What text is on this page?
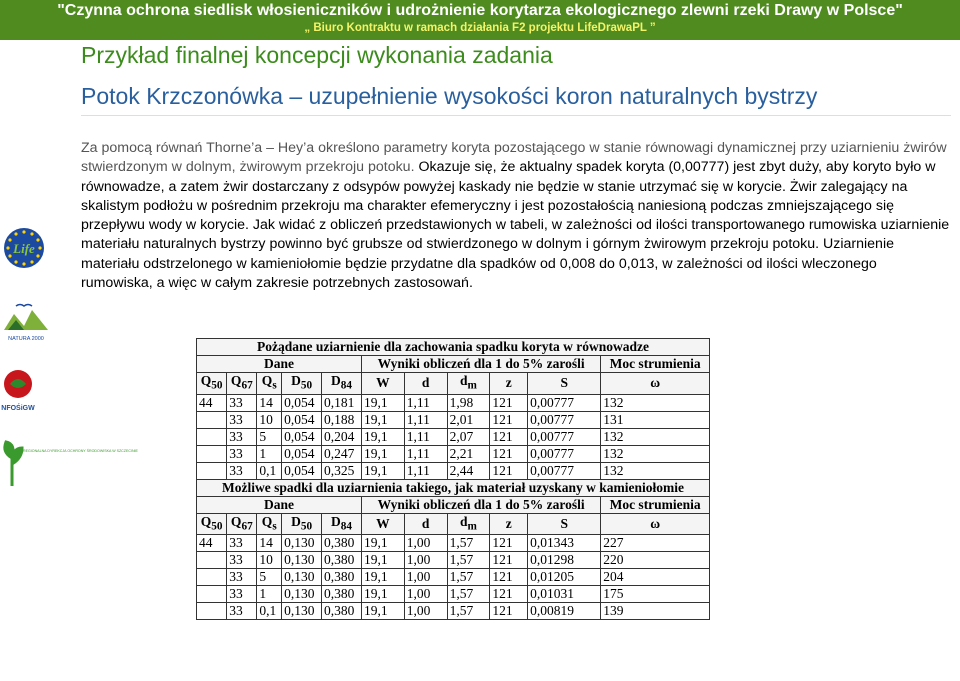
"Czynna ochrona siedlisk włosieniczników i udrożnienie korytarza ekologicznego zlewni rzeki Drawy w Polsce"
„ Biuro Kontraktu w ramach działania F2 projektu LifeDrawaPL ”
Przykład finalnej koncepcji wykonania zadania
Potok Krzczonówka – uzupełnienie wysokości koron naturalnych bystrzy
Za pomocą równań Thorne’a – Hey’a określono parametry koryta pozostającego w stanie równowagi dynamicznej przy uziarnieniu żwirów stwierdzonym w dolnym, żwirowym przekroju potoku. Okazuje się, że aktualny spadek koryta (0,00777) jest zbyt duży, aby koryto było w równowadze, a zatem żwir dostarczany z odsypów powyżej kaskady nie będzie w stanie utrzymać się w korycie. Żwir zalegający na skalistym podłożu w pośrednim przekroju ma charakter efemeryczny i jest pozostałością naniesioną podczas zmniejszającego się przepływu wody w korycie. Jak widać z obliczeń przedstawionych w tabeli, w zależności od ilości transportowanego rumowiska uziarnienie materiału naturalnych bystrzy powinno być grubsze od stwierdzonego w dolnym i górnym żwirowym przekroju potoku. Uziarnienie materiału odstrzelonego w kamieniołomie będzie przydatne dla spadków od 0,008 do 0,013, w zależności od ilości wleczonego rumowiska, a więc w całym zakresie potrzebnych zastosowań.
Life
NATURA 2000
NFOŚiGW
REGIONALNA DYREKCJA OCHRONY ŚRODOWISKA W SZCZECINIE
Pożądane uziarnienie dla zachowania spadku koryta w równowadze										
Dane					Wyniki obliczeń dla 1 do 5% zarośli					Moc strumienia
$Q_{50}$	$Q_{67}$	$Q_s$	$D_{50}$	$D_{84}$	W	d	$d_m$	z	S	ω
44	33	14	0,054	0,181	19,1	1,11	1,98	121	0,00777	132
	33	10	0,054	0,188	19,1	1,11	2,01	121	0,00777	131
	33	5	0,054	0,204	19,1	1,11	2,07	121	0,00777	132
	33	1	0,054	0,247	19,1	1,11	2,21	121	0,00777	132
	33	0,1	0,054	0,325	19,1	1,11	2,44	121	0,00777	132
Możliwe spadki dla uziarnienia takiego, jak materiał uzyskany w kamieniołomie										
Dane					Wyniki obliczeń dla 1 do 5% zarośli					Moc strumienia
$Q_{50}$	$Q_{67}$	$Q_s$	$D_{50}$	$D_{84}$	W	d	$d_m$	z	S	ω
44	33	14	0,130	0,380	19,1	1,00	1,57	121	0,01343	227
	33	10	0,130	0,380	19,1	1,00	1,57	121	0,01298	220
	33	5	0,130	0,380	19,1	1,00	1,57	121	0,01205	204
	33	1	0,130	0,380	19,1	1,00	1,57	121	0,01031	175
	33	0,1	0,130	0,380	19,1	1,00	1,57	121	0,00819	139
